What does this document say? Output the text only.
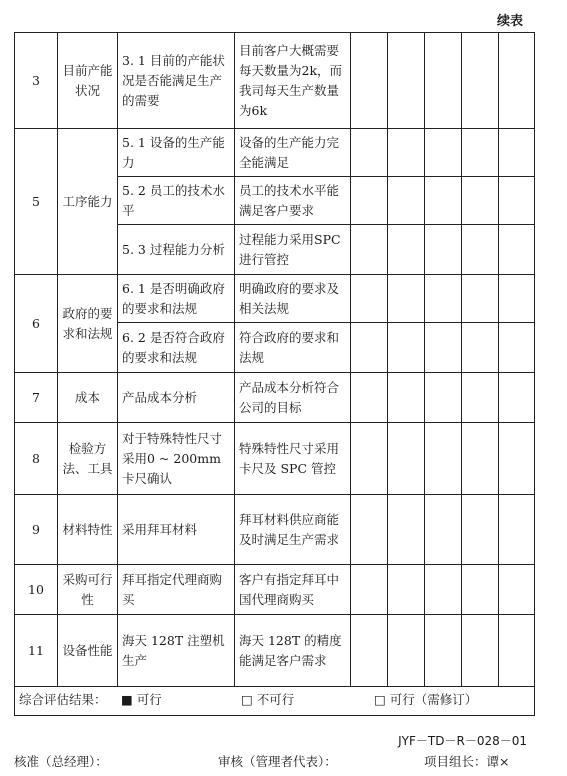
续表
3	目前产能状况	3. 1 目前的产能状况是否能满足生产的需要	目前客户大概需要每天数量为2k，而我司每天生产数量为6k					
5	工序能力	5. 1 设备的生产能力	设备的生产能力完全能满足					
		5. 2 员工的技术水平	员工的技术水平能满足客户要求					
		5. 3 过程能力分析	过程能力采用SPC 进行管控					
6	政府的要求和法规	6. 1 是否明确政府的要求和法规	明确政府的要求及相关法规					
		6. 2 是否符合政府的要求和法规	符合政府的要求和法规					
7	成本	产品成本分析	产品成本分析符合公司的目标					
8	检验方法、工具	对于特殊特性尺寸采用0 ~ 200mm卡尺确认	特殊特性尺寸采用卡尺及 SPC 管控					
9	材料特性	采用拜耳材料	拜耳材料供应商能及时满足生产需求					
10	采购可行性	拜耳指定代理商购买	客户有指定拜耳中国代理商购买					
11	设备性能	海天 128T 注塑机生产	海天 128T 的精度能满足客户需求					

综合评估结果： ■ 可行 □ 不可行 □ 可行（需修订）								
JYF－TD－R－028－01
核准（总经理）：	审核（管理者代表）：	项目组长：谭×
